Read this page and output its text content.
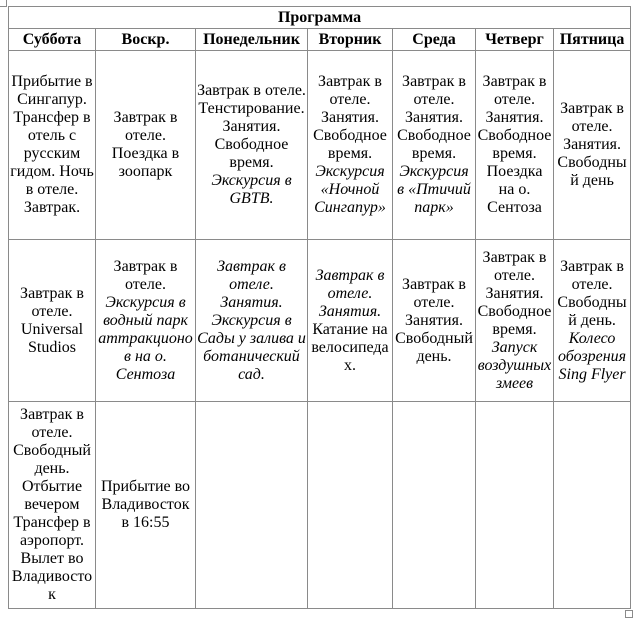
Программа						
Суббота	Воскр.	Понедельник	Вторник	Среда	Четверг	Пятница
Прибытие в Сингапур. Трансфер в отель с русским гидом. Ночь в отеле. Завтрак.	Завтрак в отеле. Поездка в зоопарк	Завтрак в отеле. Тенстирование. Занятия. Свободное время. Экскурсия в GBTB.	Завтрак в отеле. Занятия. Свободное время. Экскурсия «Ночной Сингапур»	Завтрак в отеле. Занятия. Свободное время. Экскурсия в «Птичий парк»	Завтрак в отеле. Занятия. Свободное время. Поездка на о. Сентоза	Завтрак в отеле. Занятия. Свободный день
Завтрак в отеле. Universal Studios	Завтрак в отеле. Экскурсия в водный парк аттракционов на о. Сентоза	Завтрак в отеле. Занятия. Экскурсия в Сады у залива и ботанический сад.	Завтрак в отеле. Занятия. Катание на велосипедах.	Завтрак в отеле. Занятия. Свободный день.	Завтрак в отеле. Занятия. Свободное время. Запуск воздушных змеев	Завтрак в отеле. Свободный день. Колесо обозрения Sing Flyer
Завтрак в отеле. Свободный день. Отбытие вечером Трансфер в аэропорт. Вылет во Владивосток	Прибытие во Владивосток в 16:55					
